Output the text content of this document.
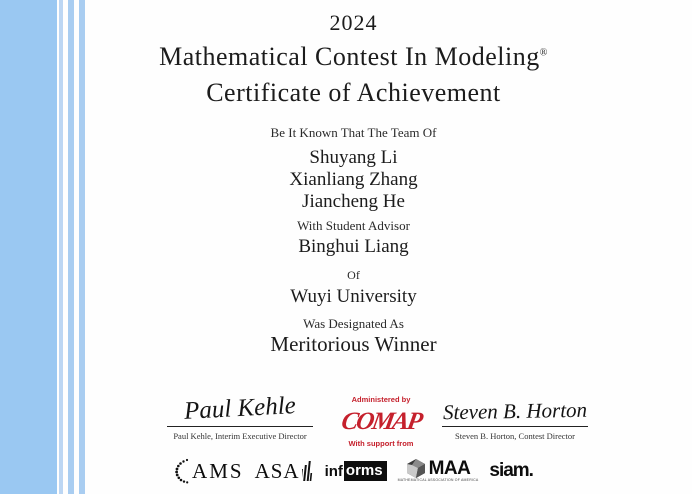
2024
Mathematical Contest In Modeling®
Certificate of Achievement
Be It Known That The Team Of
Shuyang Li
Xianliang Zhang
Jiancheng He
With Student Advisor
Binghui Liang
Of
Wuyi University
Was Designated As
Meritorious Winner
Paul Kehle
Paul Kehle, Interim Executive Director
Administered by
COMAP
With support from
Steven B. Horton
Steven B. Horton, Contest Director
AMS ASA inf orms MAA
MATHEMATICAL ASSOCIATION OF AMERICA siam.
